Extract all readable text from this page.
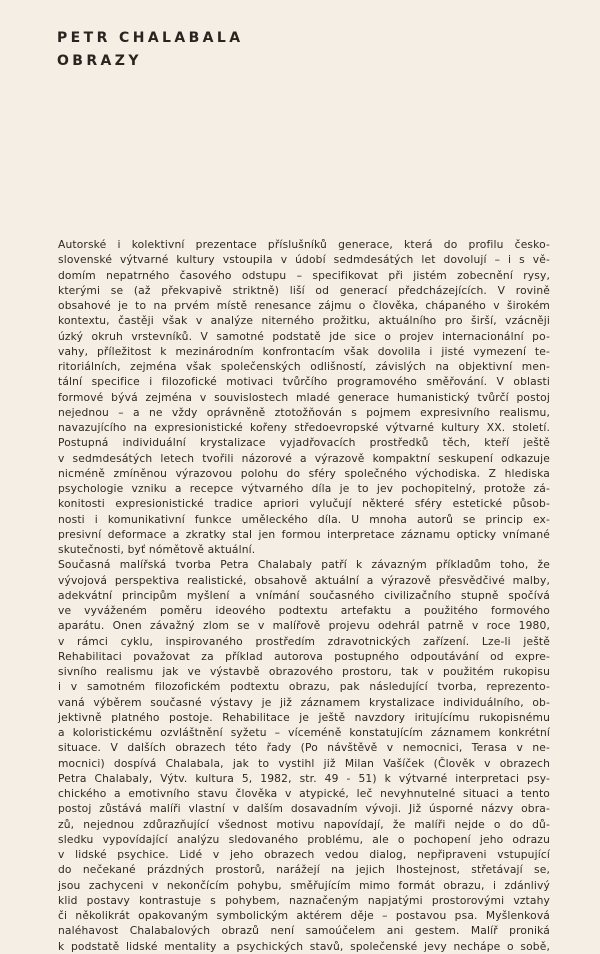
PETR CHALABALA
OBRAZY

Autorské i kolektivní prezentace příslušníků generace, která do profilu česko-

slovenské výtvarné kultury vstoupila v údobí sedmdesátých let dovolují – i s vě-

domím nepatrného časového odstupu – specifikovat při jistém zobecnění rysy,

kterými se (až překvapivě striktně) liší od generací předcházejících. V rovině

obsahové je to na prvém místě renesance zájmu o člověka, chápaného v širokém

kontextu, častěji však v analýze niterného prožitku, aktuálního pro širší, vzácněji

úzký okruh vrstevníků. V samotné podstatě jde sice o projev internacionální po-

vahy, příležitost k mezinárodním konfrontacím však dovolila i jisté vymezení te-

ritoriálních, zejména však společenských odlišností, závislých na objektivní men-

tální specifice i filozofické motivaci tvůrčího programového směřování. V oblasti

formové bývá zejména v souvislostech mladé generace humanistický tvůrčí postoj

nejednou – a ne vždy oprávněně ztotožňován s pojmem expresivního realismu,

navazujícího na expresionistické kořeny středoevropské výtvarné kultury XX. století.

Postupná individuální krystalizace vyjadřovacích prostředků těch, kteří ještě

v sedmdesátých letech tvořili názorové a výrazově kompaktní seskupení odkazuje

nicméně zmíněnou výrazovou polohu do sféry společného východiska. Z hlediska

psychologie vzniku a recepce výtvarného díla je to jev pochopitelný, protože zá-

konitosti expresionistické tradice apriori vylučují některé sféry estetické působ-

nosti i komunikativní funkce uměleckého díla. U mnoha autorů se princip ex-

presivní deformace a zkratky stal jen formou interpretace záznamu opticky vnímané

skutečnosti, byť nómětově aktuální.

Současná malířská tvorba Petra Chalabaly patří k závazným příkladům toho, že

vývojová perspektiva realistické, obsahově aktuální a výrazově přesvědčivé malby,

adekvátní principům myšlení a vnímání současného civilizačního stupně spočívá

ve vyváženém poměru ideového podtextu artefaktu a použitého formového

aparátu. Onen závažný zlom se v malířově projevu odehrál patrně v roce 1980,

v rámci cyklu, inspirovaného prostředím zdravotnických zařízení. Lze-li ještě

Rehabilitaci považovat za příklad autorova postupného odpoutávání od expre-

sivního realismu jak ve výstavbě obrazového prostoru, tak v použitém rukopisu

i v samotném filozofickém podtextu obrazu, pak následující tvorba, reprezento-

vaná výběrem současné výstavy je již záznamem krystalizace individuálního, ob-

jektivně platného postoje. Rehabilitace je ještě navzdory iritujícímu rukopisnému

a koloristickému ozvláštnění syžetu – víceméně konstatujícím záznamem konkrétní

situace. V dalších obrazech této řady (Po návštěvě v nemocnici, Terasa v ne-

mocnici) dospívá Chalabala, jak to vystihl již Milan Vašíček (Člověk v obrazech

Petra Chalabaly, Výtv. kultura 5, 1982, str. 49 - 51) k výtvarné interpretaci psy-

chického a emotivního stavu člověka v atypické, leč nevyhnutelné situaci a tento

postoj zůstává malíři vlastní v dalším dosavadním vývoji. Již úsporné názvy obra-

zů, nejednou zdůrazňující všednost motivu napovídají, že malíři nejde o do dů-

sledku vypovídající analýzu sledovaného problému, ale o pochopení jeho odrazu

v lidské psychice. Lidé v jeho obrazech vedou dialog, nepřipraveni vstupující

do nečekané prázdných prostorů, narážejí na jejich lhostejnost, střetávají se,

jsou zachyceni v nekončícím pohybu, směřujícím mimo formát obrazu, i zdánlivý

klid postavy kontrastuje s pohybem, naznačeným napjatými prostorovými vztahy

či několikrát opakovaným symbolickým aktérem děje – postavou psa. Myšlenková

naléhavost Chalabalových obrazů není samoúčelem ani gestem. Malíř proniká

k podstatě lidské mentality a psychických stavů, společenské jevy nechápe o sobě,
